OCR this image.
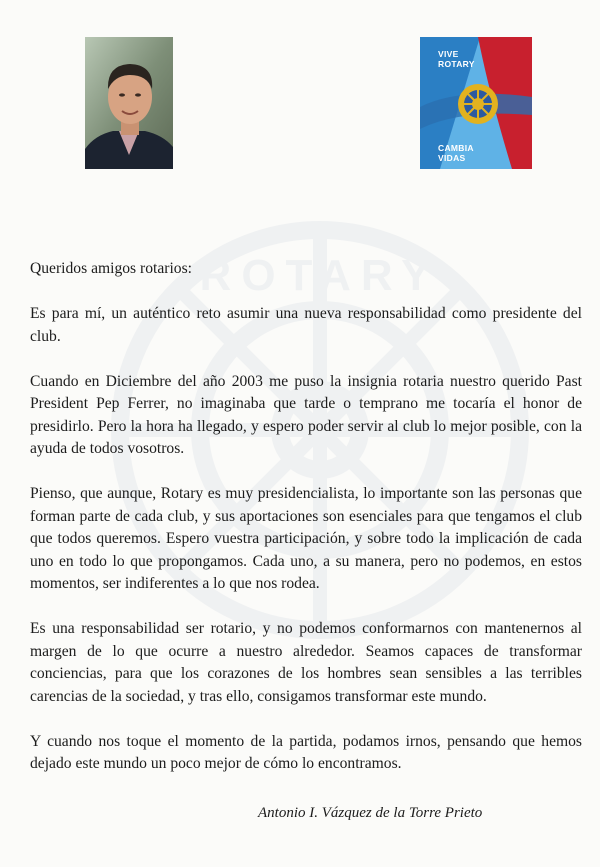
ROTARY
VIVE
ROTARY
CAMBIA
VIDAS

Queridos amigos rotarios:

Es para mí, un auténtico reto asumir una nueva responsabilidad como presidente del club.

Cuando en Diciembre del año 2003 me puso la insignia rotaria nuestro querido Past President Pep Ferrer, no imaginaba que tarde o temprano me tocaría el honor de presidirlo. Pero la hora ha llegado, y espero poder servir al club lo mejor posible, con la ayuda de todos vosotros.

Pienso, que aunque, Rotary es muy presidencialista, lo importante son las personas que forman parte de cada club, y sus aportaciones son esenciales para que tengamos el club que todos queremos. Espero vuestra participación, y sobre todo la implicación de cada uno en todo lo que propongamos. Cada uno, a su manera, pero no podemos, en estos momentos, ser indiferentes a lo que nos rodea.

Es una responsabilidad ser rotario, y no podemos conformarnos con mantenernos al margen de lo que ocurre a nuestro alrededor. Seamos capaces de transformar conciencias, para que los corazones de los hombres sean sensibles a las terribles carencias de la sociedad, y tras ello, consigamos transformar este mundo.

Y cuando nos toque el momento de la partida, podamos irnos, pensando que hemos dejado este mundo un poco mejor de cómo lo encontramos.

Antonio I. Vázquez de la Torre Prieto
